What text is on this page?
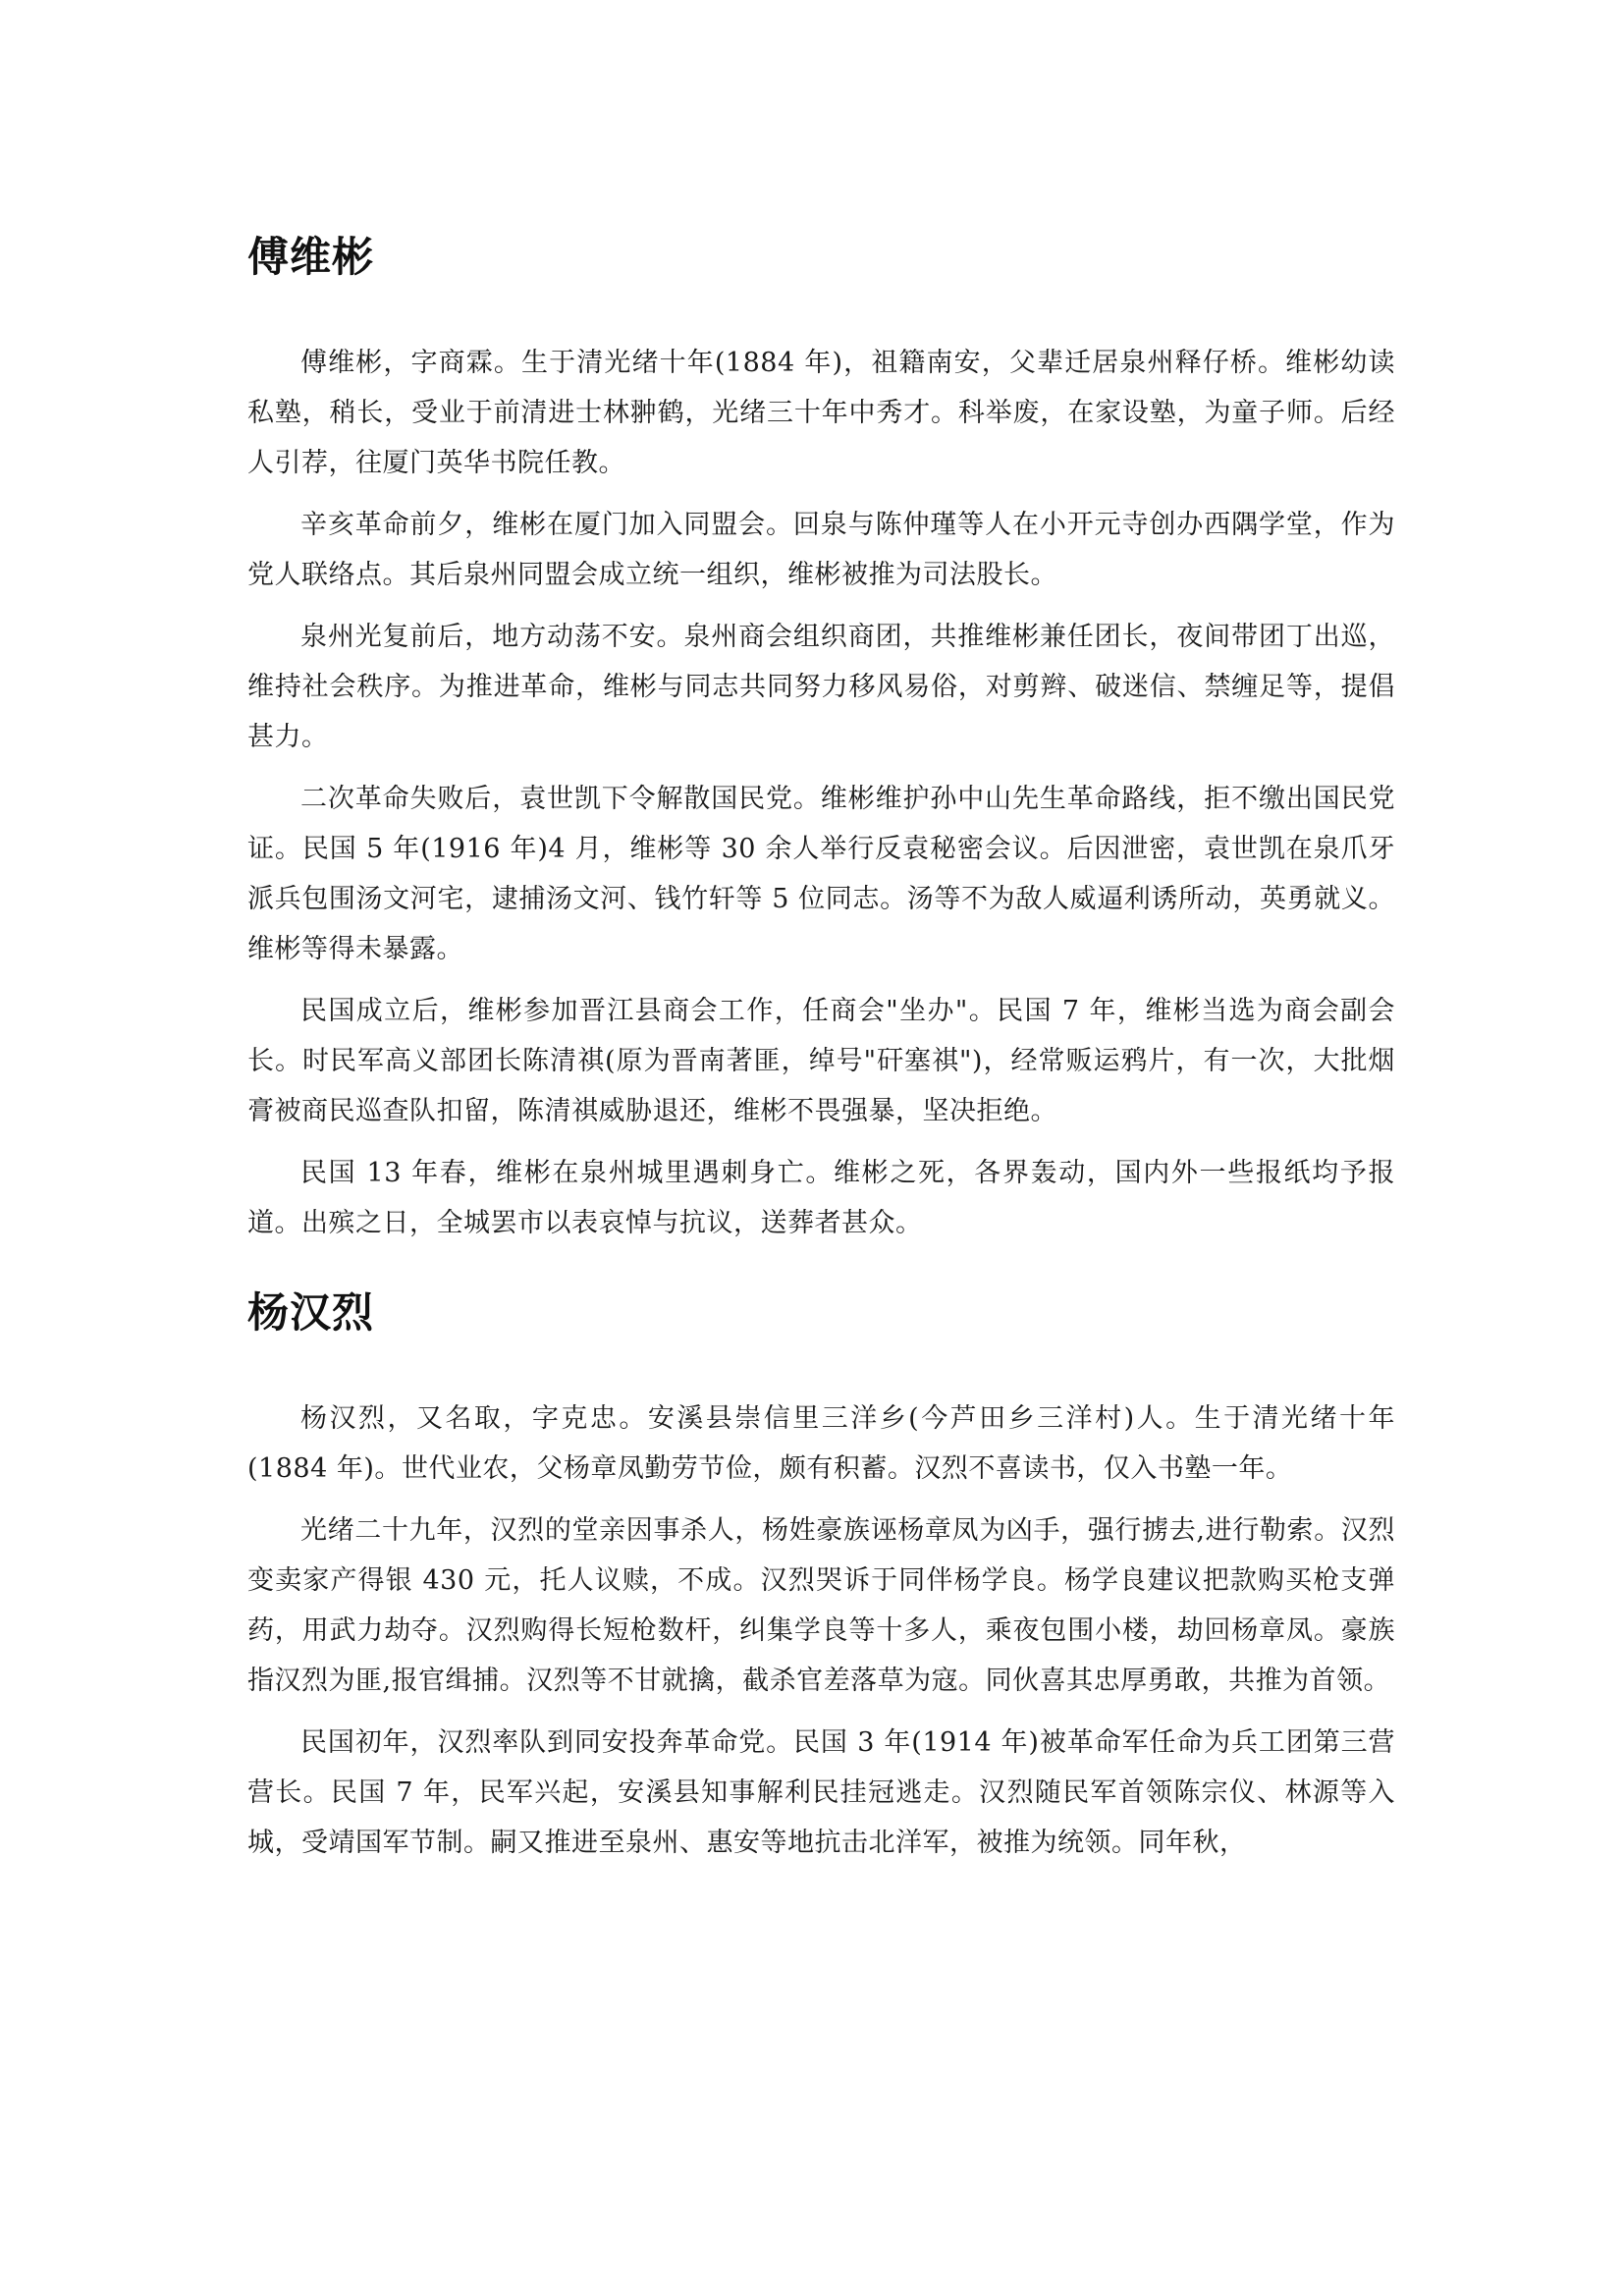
傅维彬

傅维彬，字商霖。生于清光绪十年(1884 年)，祖籍南安，父辈迁居泉州释仔桥。维彬幼读私塾，稍长，受业于前清进士林翀鹤，光绪三十年中秀才。科举废，在家设塾，为童子师。后经人引荐，往厦门英华书院任教。

辛亥革命前夕，维彬在厦门加入同盟会。回泉与陈仲瑾等人在小开元寺创办西隅学堂，作为党人联络点。其后泉州同盟会成立统一组织，维彬被推为司法股长。

泉州光复前后，地方动荡不安。泉州商会组织商团，共推维彬兼任团长，夜间带团丁出巡，维持社会秩序。为推进革命，维彬与同志共同努力移风易俗，对剪辫、破迷信、禁缠足等，提倡甚力。

二次革命失败后，袁世凯下令解散国民党。维彬维护孙中山先生革命路线，拒不缴出国民党证。民国 5 年(1916 年)4 月，维彬等 30 余人举行反袁秘密会议。后因泄密，袁世凯在泉爪牙派兵包围汤文河宅，逮捕汤文河、钱竹轩等 5 位同志。汤等不为敌人威逼利诱所动，英勇就义。维彬等得未暴露。

民国成立后，维彬参加晋江县商会工作，任商会"坐办"。民国 7 年，维彬当选为商会副会长。时民军高义部团长陈清祺(原为晋南著匪，绰号"矸塞祺")，经常贩运鸦片，有一次，大批烟膏被商民巡查队扣留，陈清祺威胁退还，维彬不畏强暴，坚决拒绝。

民国 13 年春，维彬在泉州城里遇刺身亡。维彬之死，各界轰动，国内外一些报纸均予报道。出殡之日，全城罢市以表哀悼与抗议，送葬者甚众。

杨汉烈

杨汉烈，又名取，字克忠。安溪县崇信里三洋乡(今芦田乡三洋村)人。生于清光绪十年(1884 年)。世代业农，父杨章凤勤劳节俭，颇有积蓄。汉烈不喜读书，仅入书塾一年。

光绪二十九年，汉烈的堂亲因事杀人，杨姓豪族诬杨章凤为凶手，强行掳去,进行勒索。汉烈变卖家产得银 430 元，托人议赎，不成。汉烈哭诉于同伴杨学良。杨学良建议把款购买枪支弹药，用武力劫夺。汉烈购得长短枪数杆，纠集学良等十多人，乘夜包围小楼，劫回杨章凤。豪族指汉烈为匪,报官缉捕。汉烈等不甘就擒，截杀官差落草为寇。同伙喜其忠厚勇敢，共推为首领。

民国初年，汉烈率队到同安投奔革命党。民国 3 年(1914 年)被革命军任命为兵工团第三营营长。民国 7 年，民军兴起，安溪县知事解利民挂冠逃走。汉烈随民军首领陈宗仪、林源等入城，受靖国军节制。嗣又推进至泉州、惠安等地抗击北洋军，被推为统领。同年秋，
